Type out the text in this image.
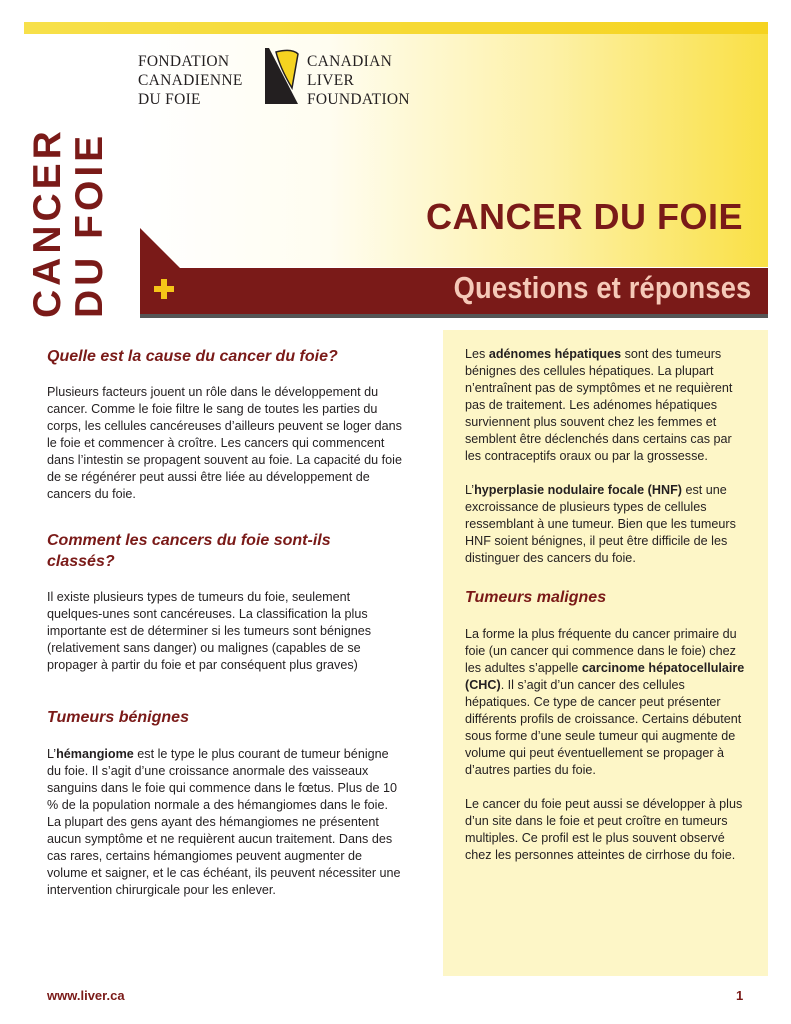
FONDATION
CANADIENNE
DU FOIE
CANADIAN
LIVER
FOUNDATION
CANCER DU FOIE	CANCER DU FOIE
Questions et réponses

Quelle est la cause du cancer du foie?

Plusieurs facteurs jouent un rôle dans le développement du cancer. Comme le foie filtre le sang de toutes les parties du corps, les cellules cancéreuses d’ailleurs peuvent se loger dans le foie et commencer à croître. Les cancers qui commencent dans l’intestin se propagent souvent au foie. La capacité du foie de se régénérer peut aussi être liée au développement de cancers du foie.

Comment les cancers du foie sont-ils classés?

Il existe plusieurs types de tumeurs du foie, seulement quelques-unes sont cancéreuses. La classification la plus importante est de déterminer si les tumeurs sont bénignes (relativement sans danger) ou malignes (capables de se propager à partir du foie et par conséquent plus graves)

Tumeurs bénignes

L’hémangiome est le type le plus courant de tumeur bénigne du foie. Il s’agit d’une croissance anormale des vaisseaux sanguins dans le foie qui commence dans le fœtus. Plus de 10 % de la population normale a des hémangiomes dans le foie. La plupart des gens ayant des hémangiomes ne présentent aucun symptôme et ne requièrent aucun traitement. Dans des cas rares, certains hémangiomes peuvent augmenter de volume et saigner, et le cas échéant, ils peuvent nécessiter une intervention chirurgicale pour les enlever.

Les adénomes hépatiques sont des tumeurs bénignes des cellules hépatiques. La plupart n’entraînent pas de symptômes et ne requièrent pas de traitement. Les adénomes hépatiques surviennent plus souvent chez les femmes et semblent être déclenchés dans certains cas par les contraceptifs oraux ou par la grossesse.

L’hyperplasie nodulaire focale (HNF) est une excroissance de plusieurs types de cellules ressemblant à une tumeur. Bien que les tumeurs HNF soient bénignes, il peut être difficile de les distinguer des cancers du foie.

Tumeurs malignes

La forme la plus fréquente du cancer primaire du foie (un cancer qui commence dans le foie) chez les adultes s’appelle carcinome hépatocellulaire (CHC). Il s’agit d’un cancer des cellules hépatiques. Ce type de cancer peut présenter différents profils de croissance. Certains débutent sous forme d’une seule tumeur qui augmente de volume qui peut éventuellement se propager à d’autres parties du foie.

Le cancer du foie peut aussi se développer à plus d’un site dans le foie et peut croître en tumeurs multiples. Ce profil est le plus souvent observé chez les personnes atteintes de cirrhose du foie.

www.liver.ca	1
